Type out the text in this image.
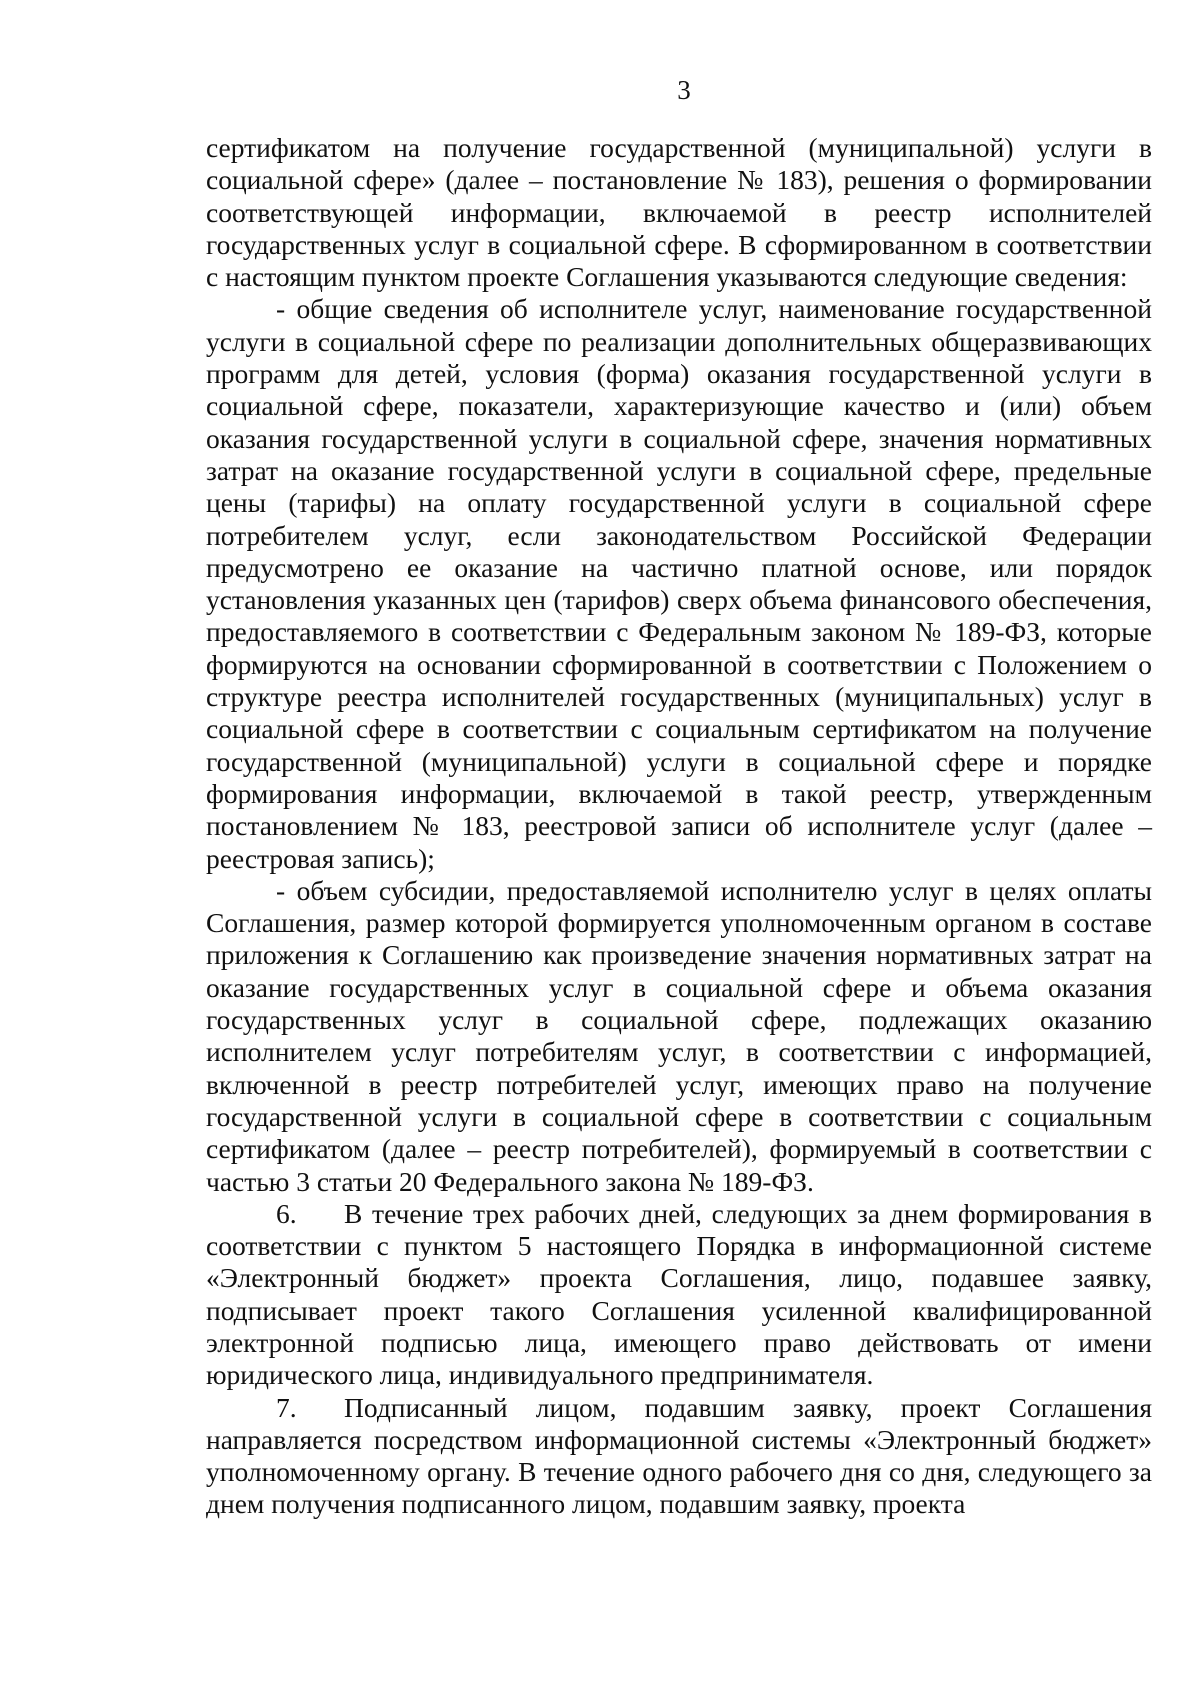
3

сертификатом на получение государственной (муниципальной) услуги в социальной сфере» (далее – постановление № 183), решения о формировании соответствующей информации, включаемой в реестр исполнителей государственных услуг в социальной сфере. В сформированном в соответствии с настоящим пунктом проекте Соглашения указываются следующие сведения:

- общие сведения об исполнителе услуг, наименование государственной услуги в социальной сфере по реализации дополнительных общеразвивающих программ для детей, условия (форма) оказания государственной услуги в социальной сфере, показатели, характеризующие качество и (или) объем оказания государственной услуги в социальной сфере, значения нормативных затрат на оказание государственной услуги в социальной сфере, предельные цены (тарифы) на оплату государственной услуги в социальной сфере потребителем услуг, если законодательством Российской Федерации предусмотрено ее оказание на частично платной основе, или порядок установления указанных цен (тарифов) сверх объема финансового обеспечения, предоставляемого в соответствии с Федеральным законом № 189-ФЗ, которые формируются на основании сформированной в соответствии с Положением о структуре реестра исполнителей государственных (муниципальных) услуг в социальной сфере в соответствии с социальным сертификатом на получение государственной (муниципальной) услуги в социальной сфере и порядке формирования информации, включаемой в такой реестр, утвержденным постановлением № 183, реестровой записи об исполнителе услуг (далее – реестровая запись);

- объем субсидии, предоставляемой исполнителю услуг в целях оплаты Соглашения, размер которой формируется уполномоченным органом в составе приложения к Соглашению как произведение значения нормативных затрат на оказание государственных услуг в социальной сфере и объема оказания государственных услуг в социальной сфере, подлежащих оказанию исполнителем услуг потребителям услуг, в соответствии с информацией, включенной в реестр потребителей услуг, имеющих право на получение государственной услуги в социальной сфере в соответствии с социальным сертификатом (далее – реестр потребителей), формируемый в соответствии с частью 3 статьи 20 Федерального закона № 189-ФЗ.

6. В течение трех рабочих дней, следующих за днем формирования в соответствии с пунктом 5 настоящего Порядка в информационной системе «Электронный бюджет» проекта Соглашения, лицо, подавшее заявку, подписывает проект такого Соглашения усиленной квалифицированной электронной подписью лица, имеющего право действовать от имени юридического лица, индивидуального предпринимателя.

7. Подписанный лицом, подавшим заявку, проект Соглашения направляется посредством информационной системы «Электронный бюджет» уполномоченному органу. В течение одного рабочего дня со дня, следующего за днем получения подписанного лицом, подавшим заявку, проекта
